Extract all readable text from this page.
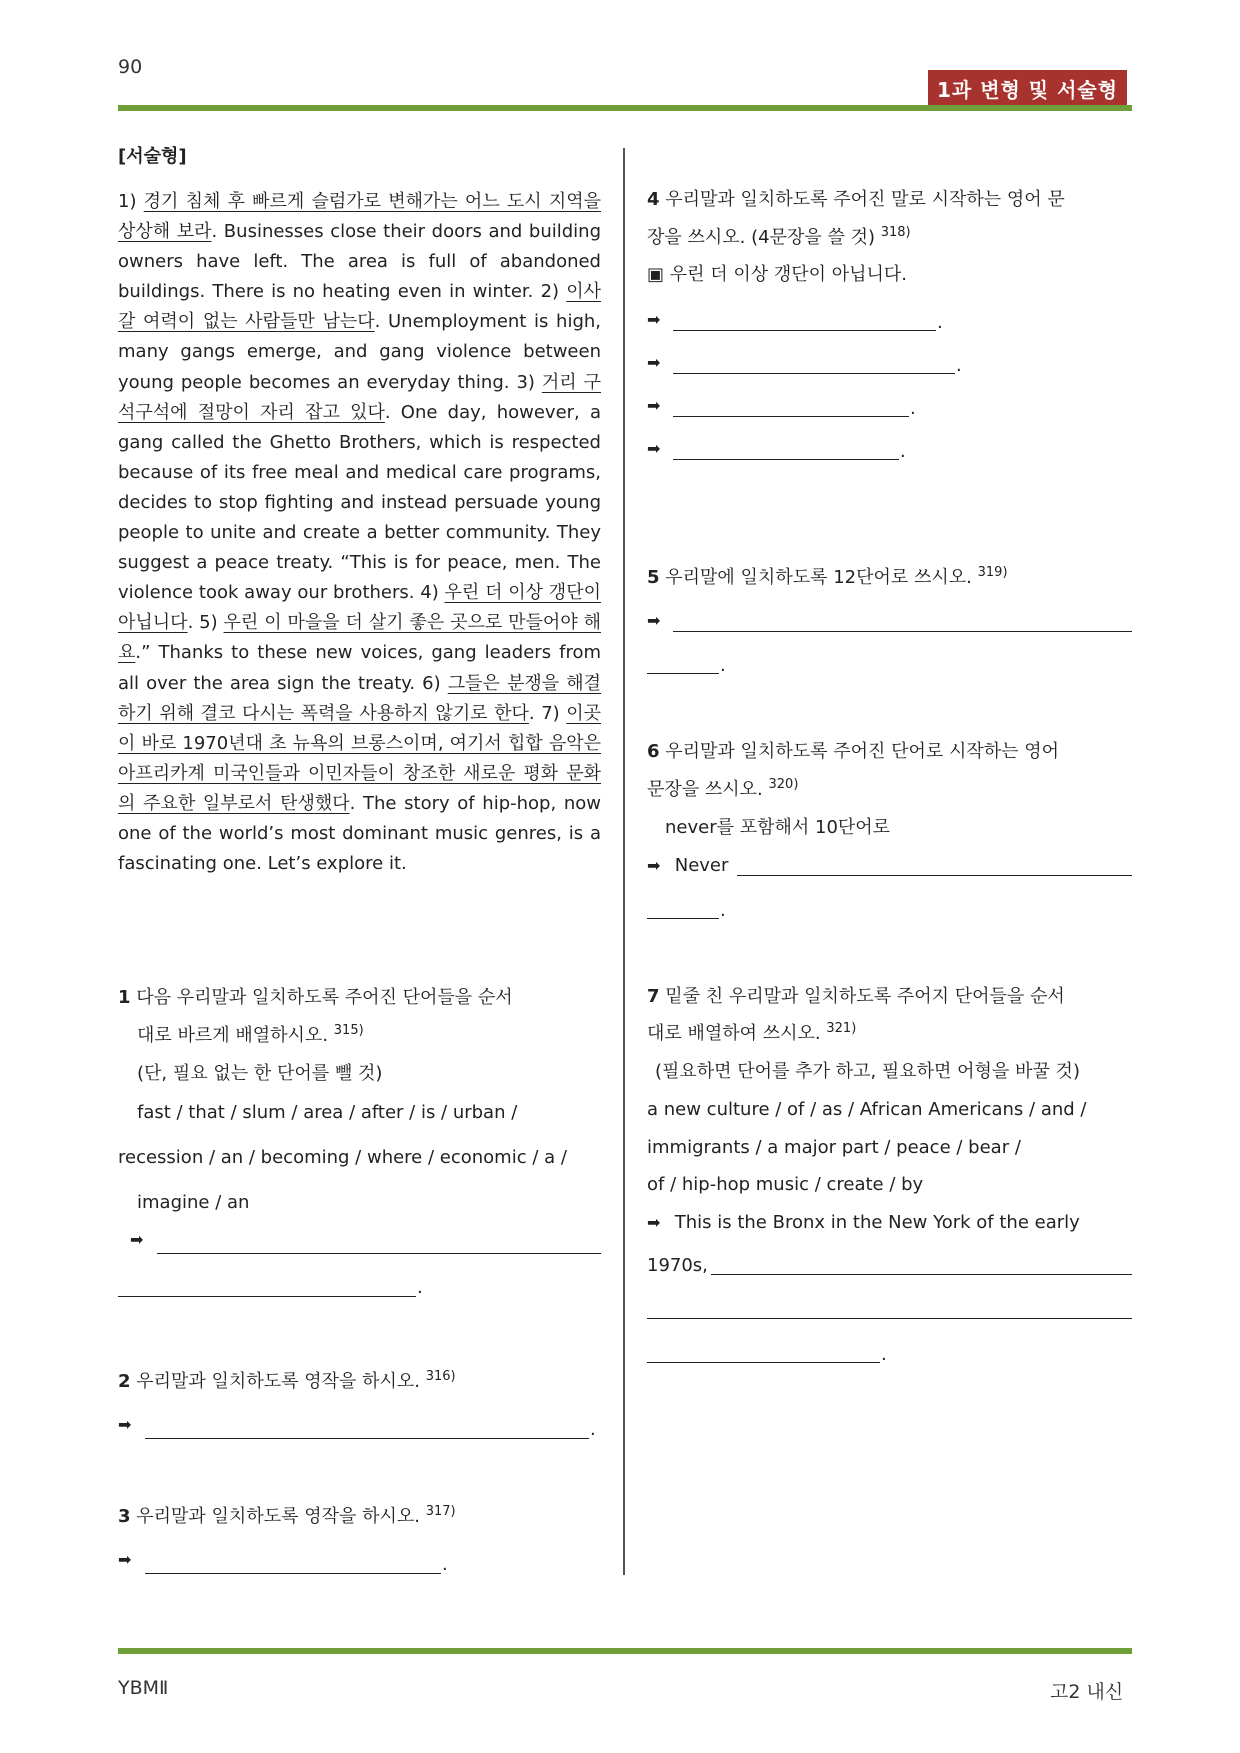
90
1과 변형 및 서술형
[서술형]
1) 경기 침체 후 빠르게 슬럼가로 변해가는 어느 도시 지역을 상상해 보라. Businesses close their doors and building owners have left. The area is full of abandoned buildings. There is no heating even in winter. 2) 이사 갈 여력이 없는 사람들만 남는다. Unemployment is high, many gangs emerge, and gang violence between young people becomes an everyday thing. 3) 거리 구석구석에 절망이 자리 잡고 있다. One day, however, a gang called the Ghetto Brothers, which is respected because of its free meal and medical care programs, decides to stop fighting and instead persuade young people to unite and create a better community. They suggest a peace treaty. “This is for peace, men. The violence took away our brothers. 4) 우린 더 이상 갱단이 아닙니다. 5) 우린 이 마을을 더 살기 좋은 곳으로 만들어야 해요.” Thanks to these new voices, gang leaders from all over the area sign the treaty. 6) 그들은 분쟁을 해결하기 위해 결코 다시는 폭력을 사용하지 않기로 한다. 7) 이곳이 바로 1970년대 초 뉴욕의 브롱스이며, 여기서 힙합 음악은 아프리카계 미국인들과 이민자들이 창조한 새로운 평화 문화의 주요한 일부로서 탄생했다. The story of hip-hop, now one of the world’s most dominant music genres, is a fascinating one. Let’s explore it.
1 다음 우리말과 일치하도록 주어진 단어들을 순서
대로 바르게 배열하시오. $^{315)}$
(단, 필요 없는 한 단어를 뺄 것)
fast / that / slum / area / after / is / urban /
recession / an / becoming / where / economic / a /
imagine / an
➡
.
2 우리말과 일치하도록 영작을 하시오. $^{316)}$
➡	.
3 우리말과 일치하도록 영작을 하시오. $^{317)}$
➡	.
4 우리말과 일치하도록 주어진 말로 시작하는 영어 문
장을 쓰시오. (4문장을 쓸 것) $^{318)}$
▣ 우린 더 이상 갱단이 아닙니다.
➡	.
➡	.
➡	.
➡	.
5 우리말에 일치하도록 12단어로 쓰시오. $^{319)}$
➡
.
6 우리말과 일치하도록 주어진 단어로 시작하는 영어
문장을 쓰시오. $^{320)}$
never를 포함해서 10단어로
➡ Never
.
7 밑줄 친 우리말과 일치하도록 주어지 단어들을 순서
대로 배열하여 쓰시오. $^{321)}$
(필요하면 단어를 추가 하고, 필요하면 어형을 바꿀 것)
a new culture / of / as / African Americans / and /
immigrants / a major part / peace / bear /
of / hip-hop music / create / by
➡ This is the Bronx in the New York of the early
1970s,
.
YBMⅡ	고2 내신
